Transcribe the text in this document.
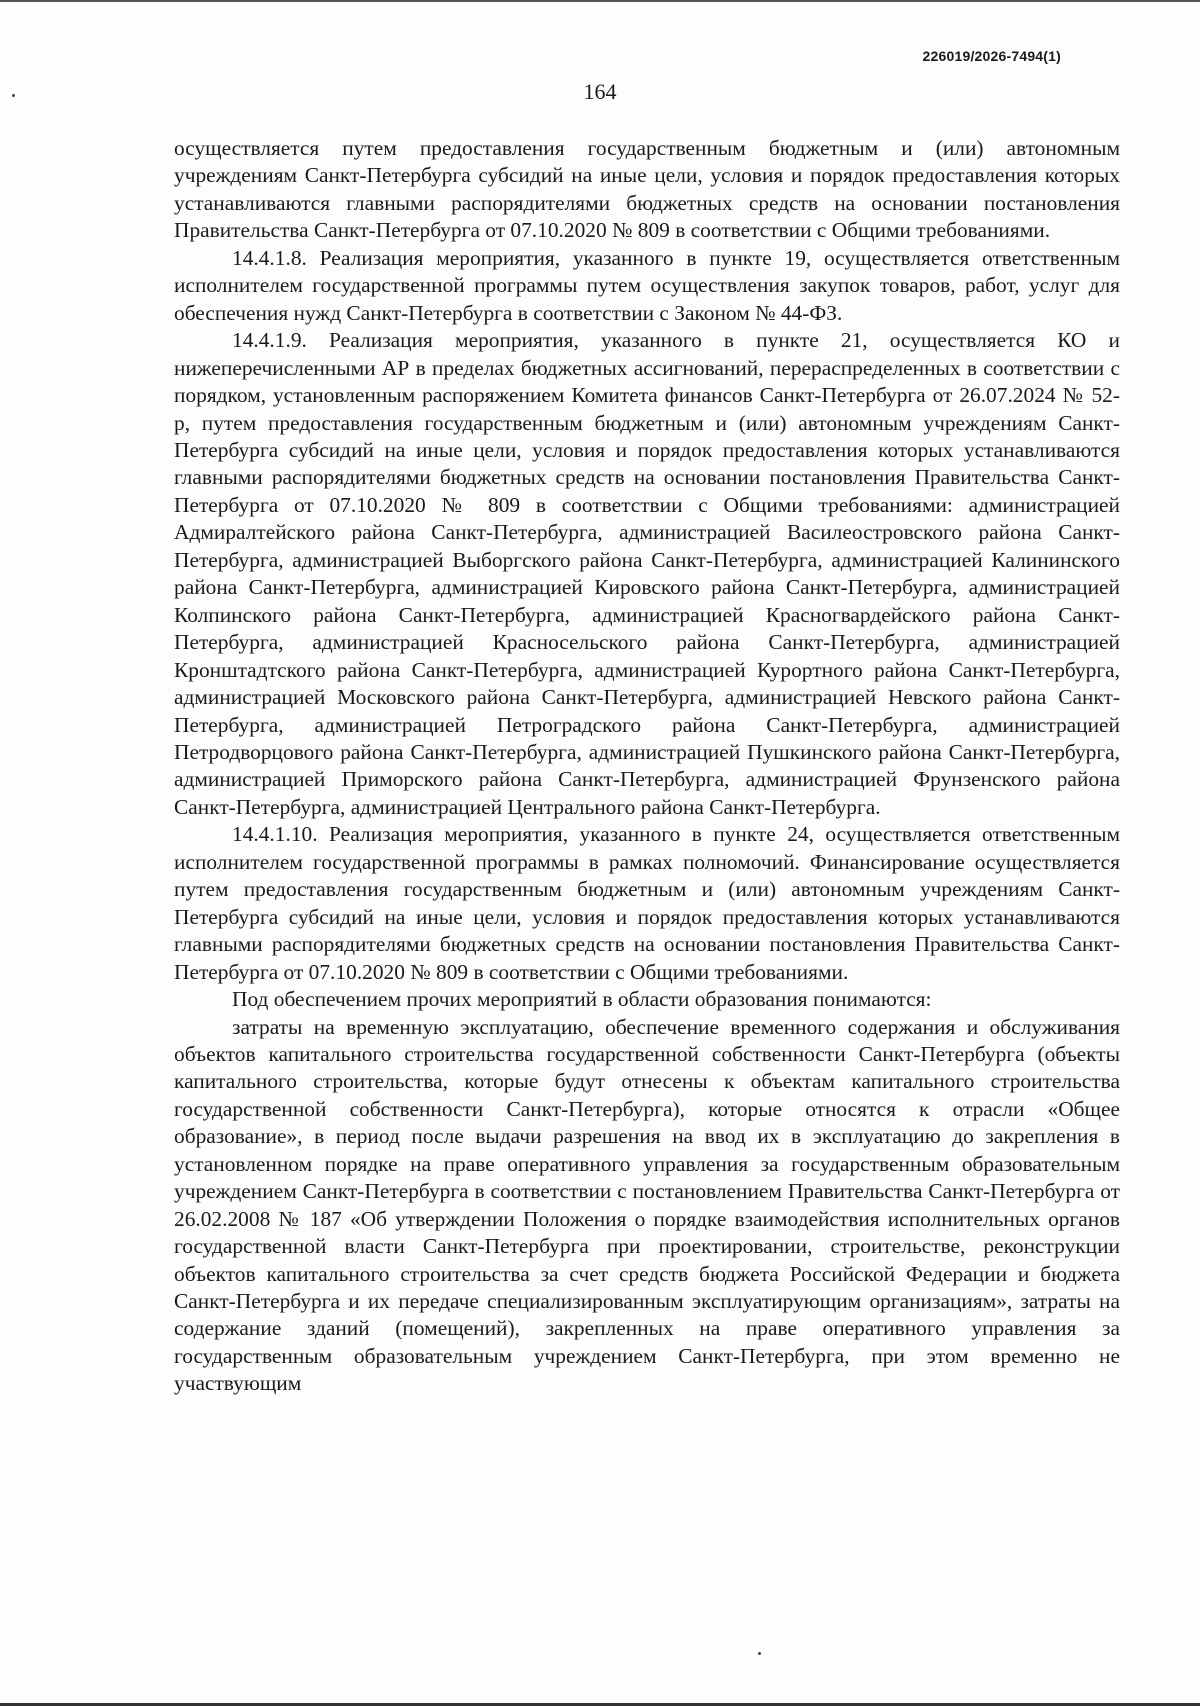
226019/2026-7494(1)
164

осуществляется путем предоставления государственным бюджетным и (или) автономным учреждениям Санкт-Петербурга субсидий на иные цели, условия и порядок предоставления которых устанавливаются главными распорядителями бюджетных средств на основании постановления Правительства Санкт-Петербурга от 07.10.2020 № 809 в соответствии с Общими требованиями.

14.4.1.8. Реализация мероприятия, указанного в пункте 19, осуществляется ответственным исполнителем государственной программы путем осуществления закупок товаров, работ, услуг для обеспечения нужд Санкт-Петербурга в соответствии с Законом № 44-ФЗ.

14.4.1.9. Реализация мероприятия, указанного в пункте 21, осуществляется КО и нижеперечисленными АР в пределах бюджетных ассигнований, перераспределенных в соответствии с порядком, установленным распоряжением Комитета финансов Санкт-Петербурга от 26.07.2024 № 52-р, путем предоставления государственным бюджетным и (или) автономным учреждениям Санкт-Петербурга субсидий на иные цели, условия и порядок предоставления которых устанавливаются главными распорядителями бюджетных средств на основании постановления Правительства Санкт-Петербурга от 07.10.2020 № 809 в соответствии с Общими требованиями: администрацией Адмиралтейского района Санкт-Петербурга, администрацией Василеостровского района Санкт-Петербурга, администрацией Выборгского района Санкт-Петербурга, администрацией Калининского района Санкт-Петербурга, администрацией Кировского района Санкт-Петербурга, администрацией Колпинского района Санкт-Петербурга, администрацией Красногвардейского района Санкт-Петербурга, администрацией Красносельского района Санкт-Петербурга, администрацией Кронштадтского района Санкт-Петербурга, администрацией Курортного района Санкт-Петербурга, администрацией Московского района Санкт-Петербурга, администрацией Невского района Санкт-Петербурга, администрацией Петроградского района Санкт-Петербурга, администрацией Петродворцового района Санкт-Петербурга, администрацией Пушкинского района Санкт-Петербурга, администрацией Приморского района Санкт-Петербурга, администрацией Фрунзенского района Санкт-Петербурга, администрацией Центрального района Санкт-Петербурга.

14.4.1.10. Реализация мероприятия, указанного в пункте 24, осуществляется ответственным исполнителем государственной программы в рамках полномочий. Финансирование осуществляется путем предоставления государственным бюджетным и (или) автономным учреждениям Санкт-Петербурга субсидий на иные цели, условия и порядок предоставления которых устанавливаются главными распорядителями бюджетных средств на основании постановления Правительства Санкт-Петербурга от 07.10.2020 № 809 в соответствии с Общими требованиями.

Под обеспечением прочих мероприятий в области образования понимаются:

затраты на временную эксплуатацию, обеспечение временного содержания и обслуживания объектов капитального строительства государственной собственности Санкт-Петербурга (объекты капитального строительства, которые будут отнесены к объектам капитального строительства государственной собственности Санкт-Петербурга), которые относятся к отрасли «Общее образование», в период после выдачи разрешения на ввод их в эксплуатацию до закрепления в установленном порядке на праве оперативного управления за государственным образовательным учреждением Санкт-Петербурга в соответствии с постановлением Правительства Санкт-Петербурга от 26.02.2008 № 187 «Об утверждении Положения о порядке взаимодействия исполнительных органов государственной власти Санкт-Петербурга при проектировании, строительстве, реконструкции объектов капитального строительства за счет средств бюджета Российской Федерации и бюджета Санкт-Петербурга и их передаче специализированным эксплуатирующим организациям», затраты на содержание зданий (помещений), закрепленных на праве оперативного управления за государственным образовательным учреждением Санкт-Петербурга, при этом временно не участвующим
